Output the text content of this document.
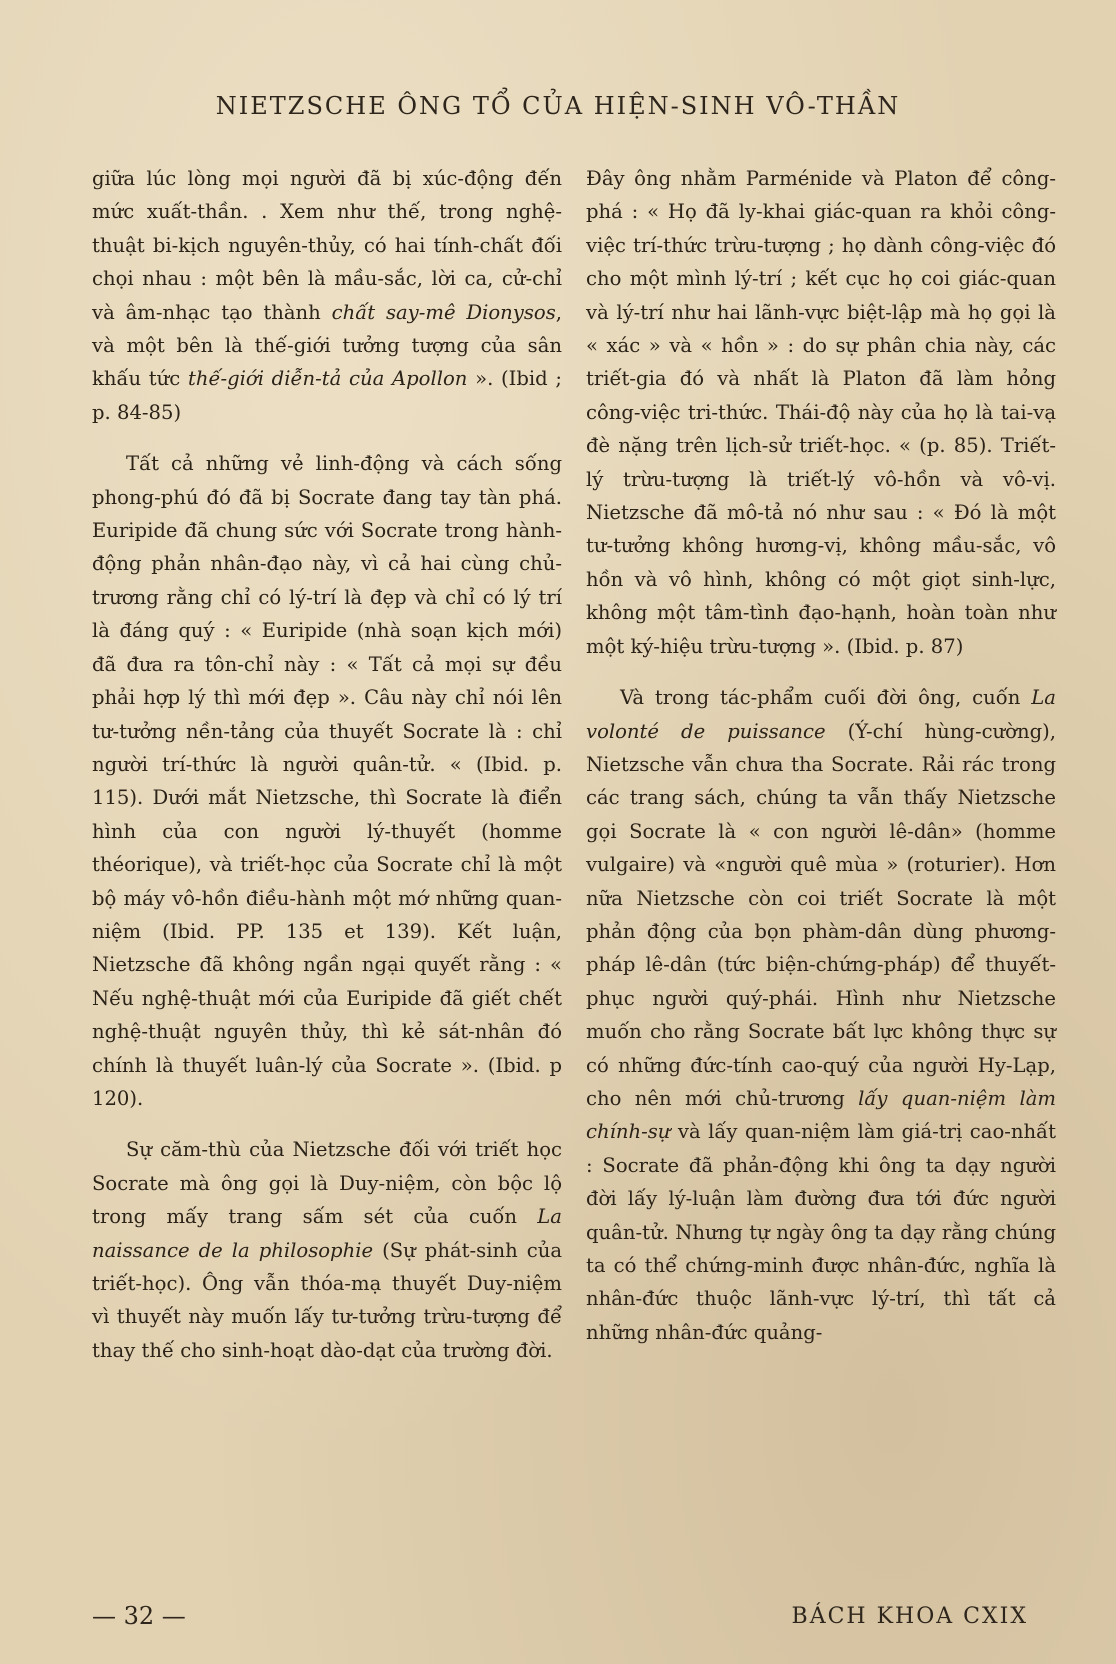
NIETZSCHE ÔNG TỔ CỦA HIỆN-SINH VÔ-THẦN

giữa lúc lòng mọi người đã bị xúc-động đến mức xuất-thần. . Xem như thế, trong nghệ-thuật bi-kịch nguyên-thủy, có hai tính-chất đối chọi nhau : một bên là mầu-sắc, lời ca, cử-chỉ và âm-nhạc tạo thành chất say-mê Dionysos, và một bên là thế-giới tưởng tượng của sân khấu tức thế-giới diễn-tả của Apollon ». (Ibid ; p. 84-85)

Tất cả những vẻ linh-động và cách sống phong-phú đó đã bị Socrate đang tay tàn phá. Euripide đã chung sức với Socrate trong hành-động phản nhân-đạo này, vì cả hai cùng chủ-trương rằng chỉ có lý-trí là đẹp và chỉ có lý trí là đáng quý : « Euripide (nhà soạn kịch mới) đã đưa ra tôn-chỉ này : « Tất cả mọi sự đều phải hợp lý thì mới đẹp ». Câu này chỉ nói lên tư-tưởng nền-tảng của thuyết Socrate là : chỉ người trí-thức là người quân-tử. « (Ibid. p. 115). Dưới mắt Nietzsche, thì Socrate là điển hình của con người lý-thuyết (homme théorique), và triết-học của Socrate chỉ là một bộ máy vô-hồn điều-hành một mớ những quan-niệm (Ibid. PP. 135 et 139). Kết luận, Nietzsche đã không ngần ngại quyết rằng : « Nếu nghệ-thuật mới của Euripide đã giết chết nghệ-thuật nguyên thủy, thì kẻ sát-nhân đó chính là thuyết luân-lý của Socrate ». (Ibid. p 120).

Sự căm-thù của Nietzsche đối với triết học Socrate mà ông gọi là Duy-niệm, còn bộc lộ trong mấy trang sấm sét của cuốn La naissance de la philosophie (Sự phát-sinh của triết-học). Ông vẫn thóa-mạ thuyết Duy-niệm vì thuyết này muốn lấy tư-tưởng trừu-tượng để thay thế cho sinh-hoạt dào-dạt của trường đời.

Đây ông nhằm Parménide và Platon để công-phá : « Họ đã ly-khai giác-quan ra khỏi công-việc trí-thức trừu-tượng ; họ dành công-việc đó cho một mình lý-trí ; kết cục họ coi giác-quan và lý-trí như hai lãnh-vực biệt-lập mà họ gọi là « xác » và « hồn » : do sự phân chia này, các triết-gia đó và nhất là Platon đã làm hỏng công-việc tri-thức. Thái-độ này của họ là tai-vạ đè nặng trên lịch-sử triết-học. « (p. 85). Triết-lý trừu-tượng là triết-lý vô-hồn và vô-vị. Nietzsche đã mô-tả nó như sau : « Đó là một tư-tưởng không hương-vị, không mầu-sắc, vô hồn và vô hình, không có một giọt sinh-lực, không một tâm-tình đạo-hạnh, hoàn toàn như một ký-hiệu trừu-tượng ». (Ibid. p. 87)

Và trong tác-phẩm cuối đời ông, cuốn La volonté de puissance (Ý-chí hùng-cường), Nietzsche vẫn chưa tha Socrate. Rải rác trong các trang sách, chúng ta vẫn thấy Nietzsche gọi Socrate là « con người lê-dân» (homme vulgaire) và «người quê mùa » (roturier). Hơn nữa Nietzsche còn coi triết Socrate là một phản động của bọn phàm-dân dùng phương-pháp lê-dân (tức biện-chứng-pháp) để thuyết-phục người quý-phái. Hình như Nietzsche muốn cho rằng Socrate bất lực không thực sự có những đức-tính cao-quý của người Hy-Lạp, cho nên mới chủ-trương lấy quan-niệm làm chính-sự và lấy quan-niệm làm giá-trị cao-nhất : Socrate đã phản-động khi ông ta dạy người đời lấy lý-luận làm đường đưa tới đức người quân-tử. Nhưng tự ngày ông ta dạy rằng chúng ta có thể chứng-minh được nhân-đức, nghĩa là nhân-đức thuộc lãnh-vực lý-trí, thì tất cả những nhân-đức quảng-

— 32 —	BÁCH KHOA CXIX
